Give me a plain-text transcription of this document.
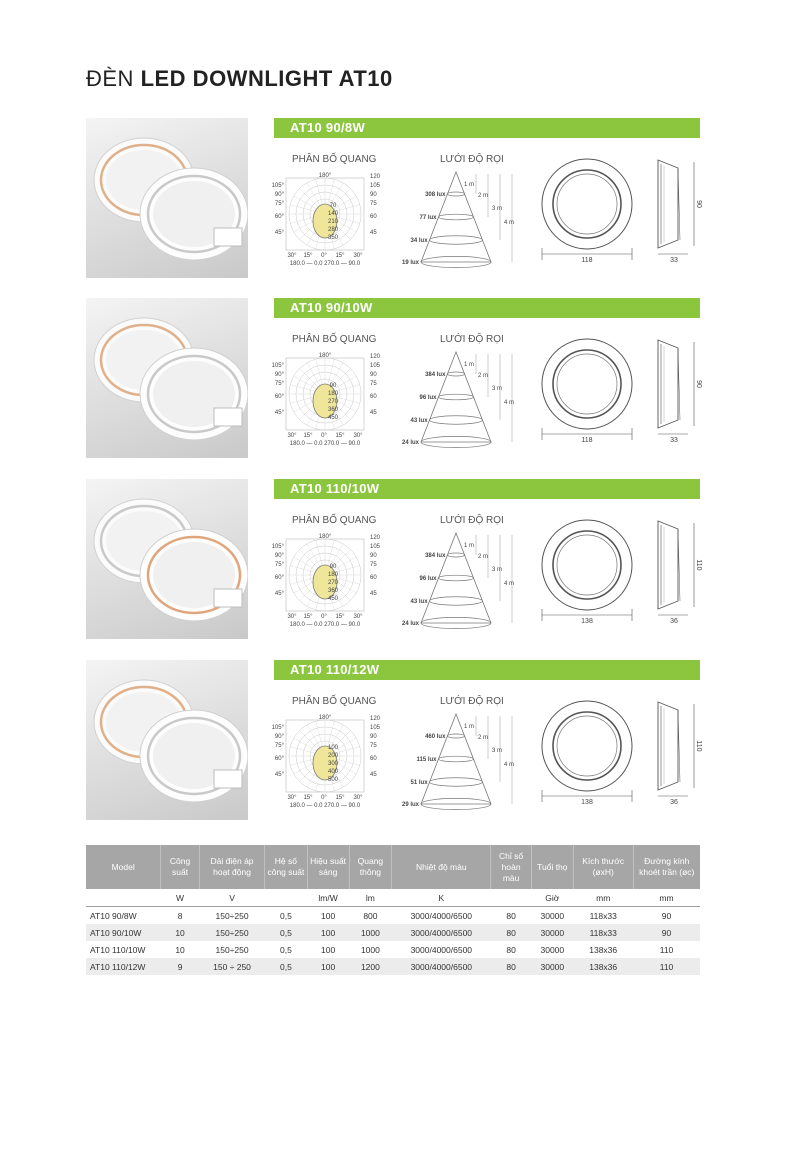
ĐÈN LED DOWNLIGHT AT10
AT10 90/8W
PHÂN BỐ QUANG	LƯỚI ĐỘ RỌI
180°
105°
90°
75°
60°
45°
120
105
90
75
60
45
70
140
210
280
350
30° 15° 0° 15° 30°
180.0 — 0.0 270.0 — 90.0
308 lux
77 lux
34 lux
19 lux
1 m
2 m
3 m
4 m
118
90
33
AT10 90/10W
PHÂN BỐ QUANG	LƯỚI ĐỘ RỌI
180°
105°
90°
75°
60°
45°
120
105
90
75
60
45
90
180
270
360
450
30° 15° 0° 15° 30°
180.0 — 0.0 270.0 — 90.0
384 lux
96 lux
43 lux
24 lux
1 m
2 m
3 m
4 m
118
90
33
AT10 110/10W
PHÂN BỐ QUANG	LƯỚI ĐỘ RỌI
180°
105°
90°
75°
60°
45°
120
105
90
75
60
45
90
180
270
360
450
30° 15° 0° 15° 30°
180.0 — 0.0 270.0 — 90.0
384 lux
96 lux
43 lux
24 lux
1 m
2 m
3 m
4 m
138
110
36
AT10 110/12W
PHÂN BỐ QUANG	LƯỚI ĐỘ RỌI
180°
105°
90°
75°
60°
45°
120
105
90
75
60
45
100
200
300
400
500
30° 15° 0° 15° 30°
180.0 — 0.0 270.0 — 90.0
460 lux
115 lux
51 lux
29 lux
1 m
2 m
3 m
4 m
138
110
36
Model	Công suất	Dải điện áp hoạt động	Hệ số công suất	Hiệu suất sáng	Quang thông	Nhiệt độ màu	Chỉ số hoàn màu	Tuổi thọ	Kích thước (øxH)	Đường kính khoét trần (øc)
	W	V		lm/W	lm	K		Giờ	mm	mm
AT10 90/8W	8	150÷250	0,5	100	800	3000/4000/6500	80	30000	118x33	90
AT10 90/10W	10	150÷250	0,5	100	1000	3000/4000/6500	80	30000	118x33	90
AT10 110/10W	10	150÷250	0,5	100	1000	3000/4000/6500	80	30000	138x36	110
AT10 110/12W	9	150 ÷ 250	0,5	100	1200	3000/4000/6500	80	30000	138x36	110
